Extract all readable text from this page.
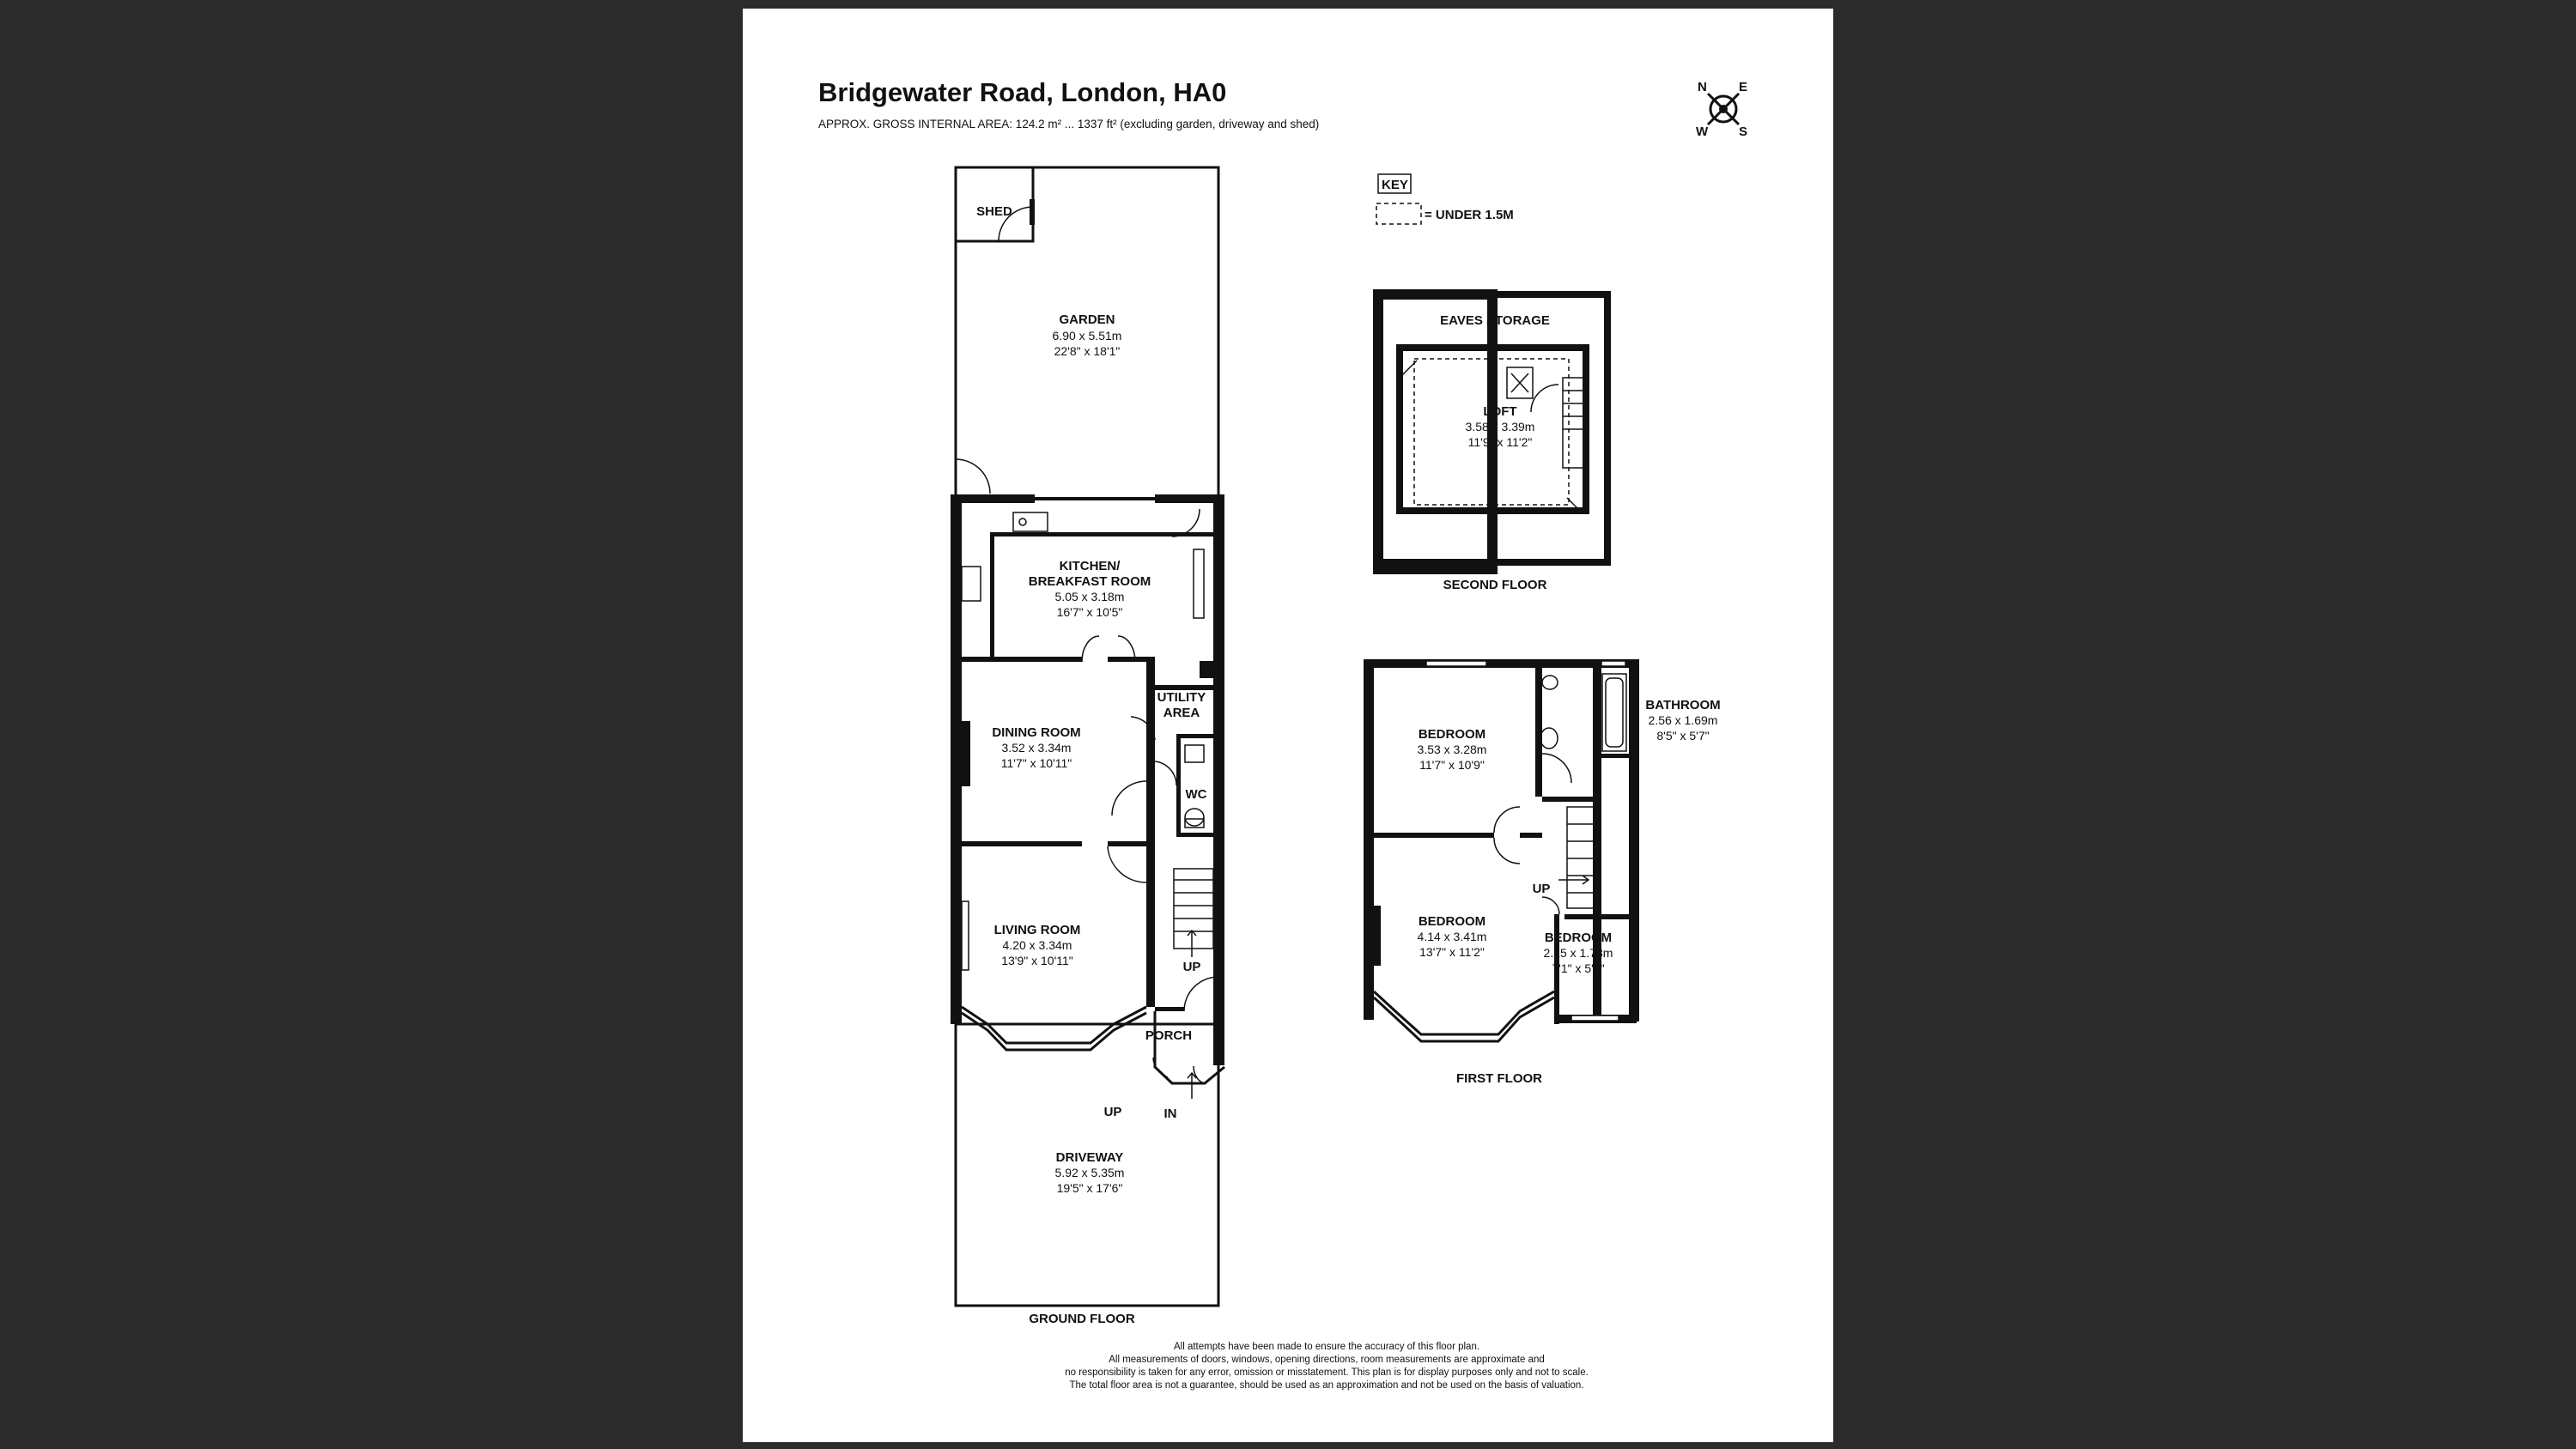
Bridgewater Road, London, HA0
APPROX. GROSS INTERNAL AREA: 124.2 m² ... 1337 ft² (excluding garden, driveway and shed)
N E
W S
KEY
= UNDER 1.5M
SHED
GARDEN
6.90 x 5.51m
22'8" x 18'1"
KITCHEN/
BREAKFAST ROOM
5.05 x 3.18m
16'7" x 10'5"
UTILITY
AREA
DINING ROOM
3.52 x 3.34m
11'7" x 10'11"
WC
LIVING ROOM
4.20 x 3.34m
13'9" x 10'11"	UP
PORCH
UP	IN
DRIVEWAY
5.92 x 5.35m
19'5" x 17'6"
GROUND FLOOR
EAVES STORAGE
LOFT
3.58 x 3.39m
11'9" x 11'2"
SECOND FLOOR
BEDROOM
3.53 x 3.28m
11'7" x 10'9"
BATHROOM
2.56 x 1.69m
8'5" x 5'7"
BEDROOM
4.14 x 3.41m
13'7" x 11'2"
UP
BEDROOM
2.15 x 1.73m
7'1" x 5'8"
FIRST FLOOR
All attempts have been made to ensure the accuracy of this floor plan.
All measurements of doors, windows, opening directions, room measurements are approximate and
no responsibility is taken for any error, omission or misstatement. This plan is for display purposes only and not to scale.
The total floor area is not a guarantee, should be used as an approximation and not be used on the basis of valuation.
